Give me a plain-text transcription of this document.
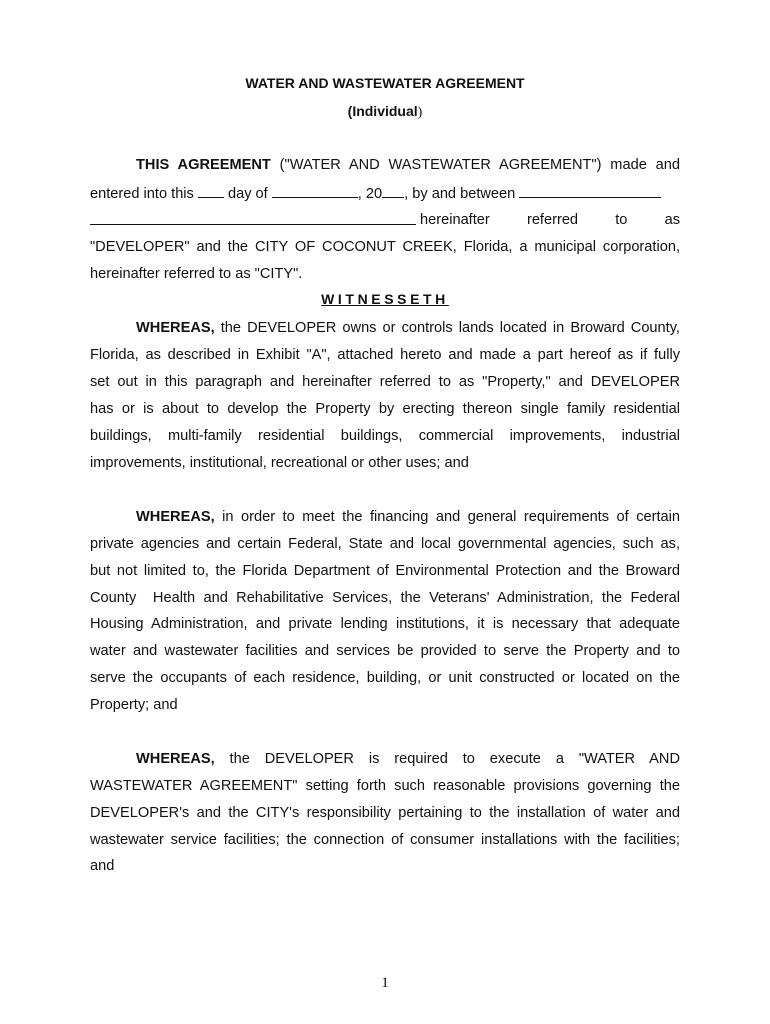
WATER AND WASTEWATER AGREEMENT
(Individual)
THIS AGREEMENT ("WATER AND WASTEWATER AGREEMENT") made and
entered into this  day of	, 20 , by and between
hereinafter	referred	to	as
"DEVELOPER" and the CITY OF COCONUT CREEK, Florida, a municipal corporation,
hereinafter referred to as "CITY".
WITNESSETH
WHEREAS, the DEVELOPER owns or controls lands located in Broward County,
Florida, as described in Exhibit "A", attached hereto and made a part hereof as if fully
set out in this paragraph and hereinafter referred to as "Property," and DEVELOPER
has or is about to develop the Property by erecting thereon single family residential
buildings, multi-family residential buildings, commercial improvements, industrial
improvements, institutional, recreational or other uses; and
WHEREAS, in order to meet the financing and general requirements of certain
private agencies and certain Federal, State and local governmental agencies, such as,
but not limited to, the Florida Department of Environmental Protection and the Broward
County  Health and Rehabilitative Services, the Veterans' Administration, the Federal
Housing Administration, and private lending institutions, it is necessary that adequate
water and wastewater facilities and services be provided to serve the Property and to
serve the occupants of each residence, building, or unit constructed or located on the
Property; and
WHEREAS, the DEVELOPER is required to execute a "WATER AND
WASTEWATER AGREEMENT" setting forth such reasonable provisions governing the
DEVELOPER's and the CITY's responsibility pertaining to the installation of water and
wastewater service facilities; the connection of consumer installations with the facilities;
and
1
